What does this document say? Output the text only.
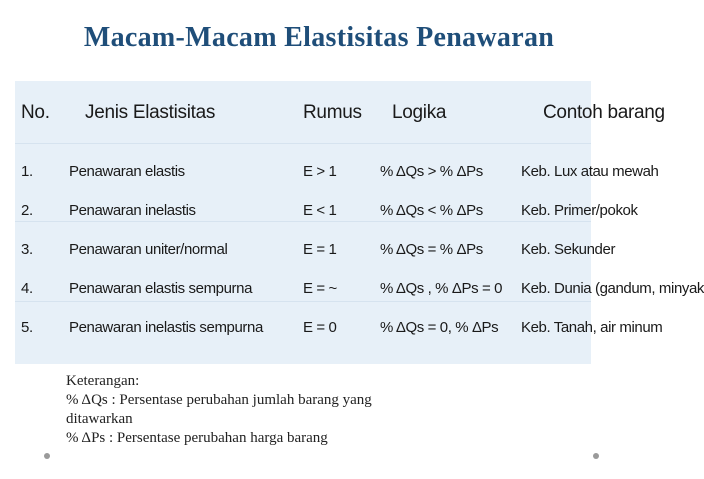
Macam-Macam Elastisitas Penawaran
No.	Jenis Elastisitas	Rumus	Logika	Contoh barang
1.	Penawaran elastis	E > 1	% ΔQs > % ΔPs	Keb. Lux atau mewah
2.	Penawaran inelastis	E < 1	% ΔQs < % ΔPs	Keb. Primer/pokok
3.	Penawaran uniter/normal	E = 1	% ΔQs = % ΔPs	Keb. Sekunder
4.	Penawaran elastis sempurna	E = ~	% ΔQs , % ΔPs = 0	Keb. Dunia (gandum, minyak
5.	Penawaran inelastis sempurna	E = 0	% ΔQs = 0, % ΔPs	Keb. Tanah, air minum
Keterangan:
% ΔQs : Persentase perubahan jumlah barang yang
ditawarkan
% ΔPs : Persentase perubahan harga barang
